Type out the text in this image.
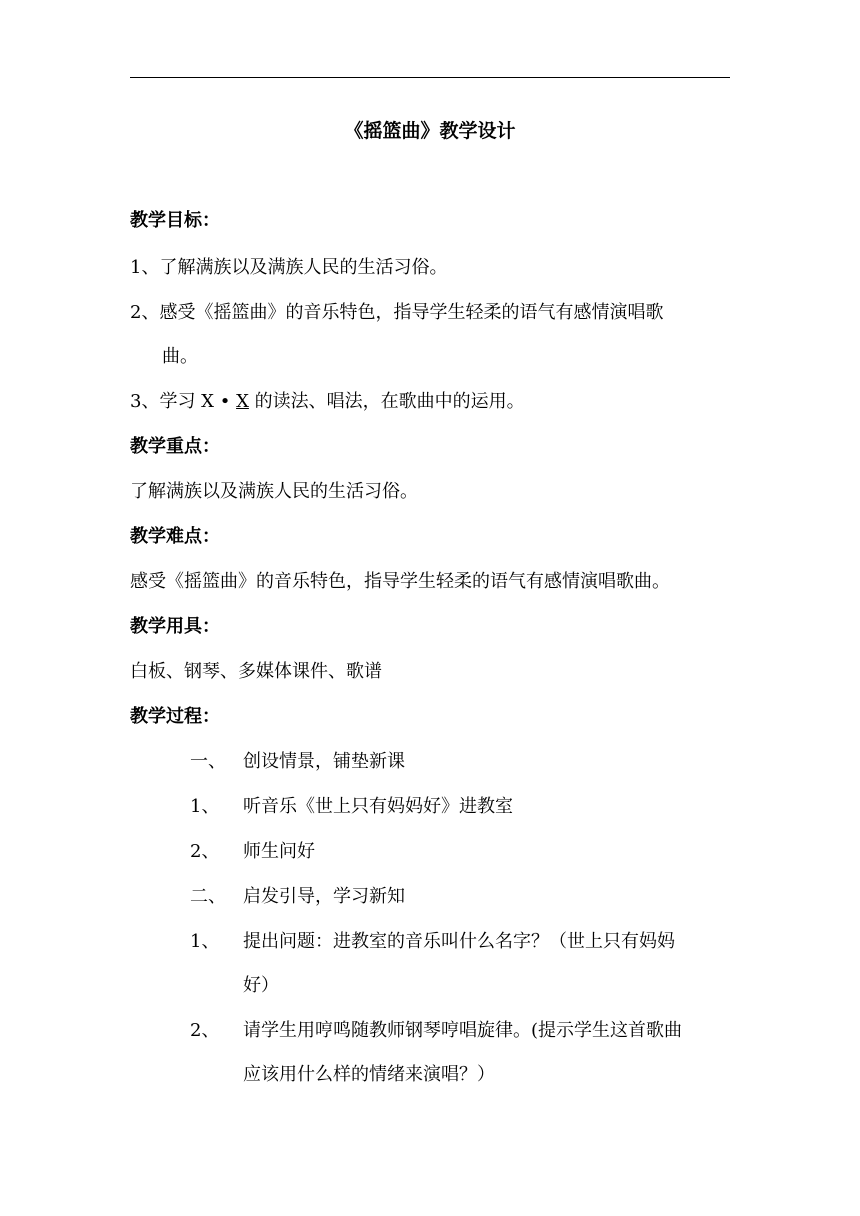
《摇篮曲》教学设计
教学目标：
1、了解满族以及满族人民的生活习俗。
2、感受《摇篮曲》的音乐特色，指导学生轻柔的语气有感情演唱歌
曲。
3、学习 X • X 的读法、唱法，在歌曲中的运用。
教学重点：
了解满族以及满族人民的生活习俗。
教学难点：
感受《摇篮曲》的音乐特色，指导学生轻柔的语气有感情演唱歌曲。
教学用具：
白板、钢琴、多媒体课件、歌谱
教学过程：
一、 创设情景，铺垫新课
1、 听音乐《世上只有妈妈好》进教室
2、 师生问好
二、 启发引导，学习新知
1、 提出问题：进教室的音乐叫什么名字？（世上只有妈妈
好）
2、 请学生用哼鸣随教师钢琴哼唱旋律。(提示学生这首歌曲
应该用什么样的情绪来演唱？）
